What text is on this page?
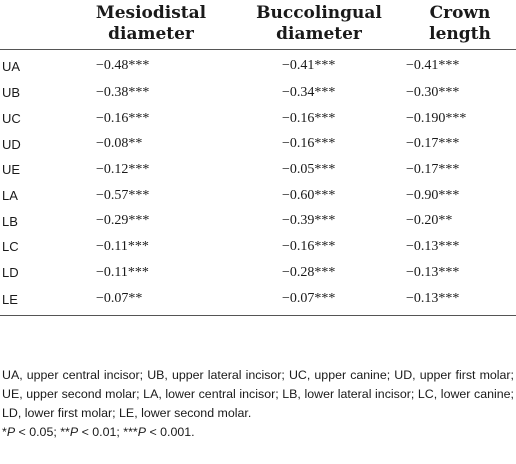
	Mesiodistal
diameter	Buccolingual
diameter	Crown
length

UA	−0.48***	−0.41***	−0.41***
UB	−0.38***	−0.34***	−0.30***
UC	−0.16***	−0.16***	−0.190***
UD	−0.08**	−0.16***	−0.17***
UE	−0.12***	−0.05***	−0.17***
LA	−0.57***	−0.60***	−0.90***
LB	−0.29***	−0.39***	−0.20**
LC	−0.11***	−0.16***	−0.13***
LD	−0.11***	−0.28***	−0.13***
LE	−0.07**	−0.07***	−0.13***
UA, upper central incisor; UB, upper lateral incisor; UC, upper canine; UD, upper first molar; UE, upper second molar; LA, lower central incisor; LB, lower lateral incisor; LC, lower canine; LD, lower first molar; LE, lower second molar.
*P < 0.05; **P < 0.01; ***P < 0.001.
